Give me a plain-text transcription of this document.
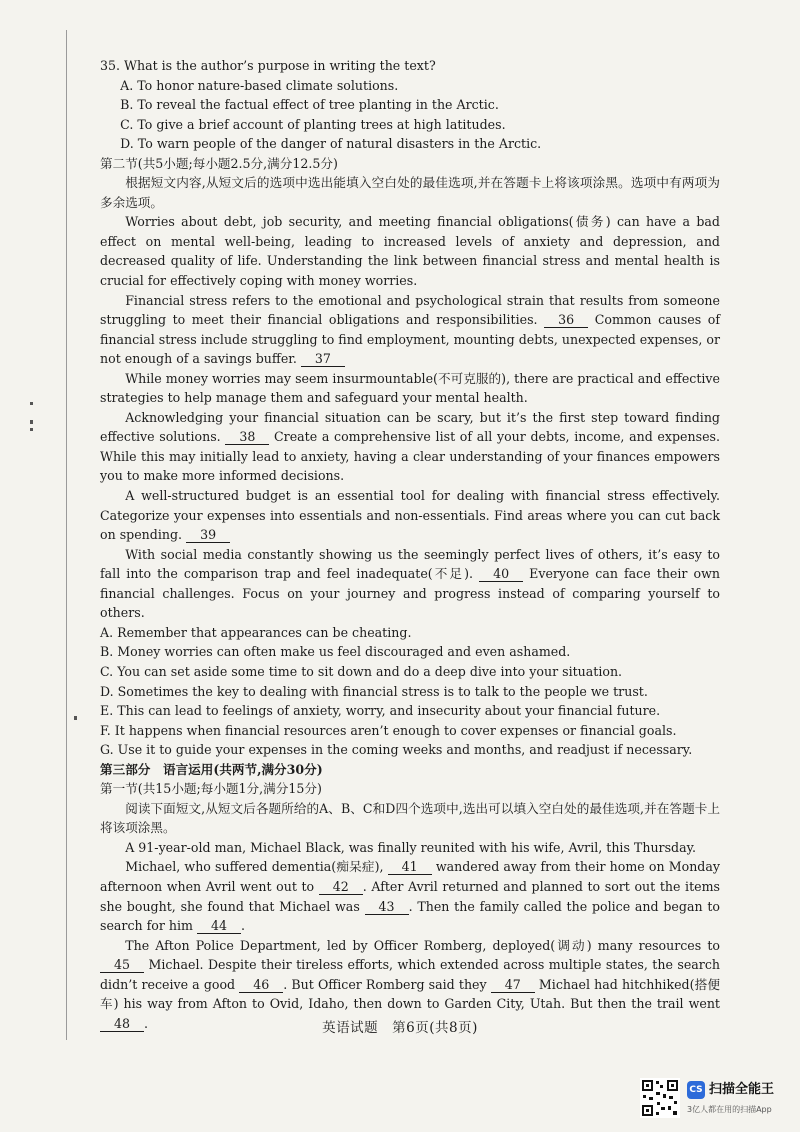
35. What is the author’s purpose in writing the text?

A. To honor nature-based climate solutions.

B. To reveal the factual effect of tree planting in the Arctic.

C. To give a brief account of planting trees at high latitudes.

D. To warn people of the danger of natural disasters in the Arctic.

第二节(共5小题;每小题2.5分,满分12.5分)

根据短文内容,从短文后的选项中选出能填入空白处的最佳选项,并在答题卡上将该项涂黑。选项中有两项为多余选项。

Worries about debt, job security, and meeting financial obligations(债务) can have a bad effect on mental well-being, leading to increased levels of anxiety and depression, and decreased quality of life. Understanding the link between financial stress and mental health is crucial for effectively coping with money worries.

Financial stress refers to the emotional and psychological strain that results from someone struggling to meet their financial obligations and responsibilities. 36 Common causes of financial stress include struggling to find employment, mounting debts, unexpected expenses, or not enough of a savings buffer. 37

While money worries may seem insurmountable(不可克服的), there are practical and effective strategies to help manage them and safeguard your mental health.

Acknowledging your financial situation can be scary, but it’s the first step toward finding effective solutions. 38 Create a comprehensive list of all your debts, income, and expenses. While this may initially lead to anxiety, having a clear understanding of your finances empowers you to make more informed decisions.

A well-structured budget is an essential tool for dealing with financial stress effectively. Categorize your expenses into essentials and non-essentials. Find areas where you can cut back on spending. 39

With social media constantly showing us the seemingly perfect lives of others, it’s easy to fall into the comparison trap and feel inadequate(不足). 40 Everyone can face their own financial challenges. Focus on your journey and progress instead of comparing yourself to others.

A. Remember that appearances can be cheating.

B. Money worries can often make us feel discouraged and even ashamed.

C. You can set aside some time to sit down and do a deep dive into your situation.

D. Sometimes the key to dealing with financial stress is to talk to the people we trust.

E. This can lead to feelings of anxiety, worry, and insecurity about your financial future.

F. It happens when financial resources aren’t enough to cover expenses or financial goals.

G. Use it to guide your expenses in the coming weeks and months, and readjust if necessary.

第三部分　语言运用(共两节,满分30分)

第一节(共15小题;每小题1分,满分15分)

阅读下面短文,从短文后各题所给的A、B、C和D四个选项中,选出可以填入空白处的最佳选项,并在答题卡上将该项涂黑。

A 91-year-old man, Michael Black, was finally reunited with his wife, Avril, this Thursday.

Michael, who suffered dementia(痴呆症), 41 wandered away from their home on Monday afternoon when Avril went out to 42 . After Avril returned and planned to sort out the items she bought, she found that Michael was 43 . Then the family called the police and began to search for him 44 .

The Afton Police Department, led by Officer Romberg, deployed(调动) many resources to 45 Michael. Despite their tireless efforts, which extended across multiple states, the search didn’t receive a good 46 . But Officer Romberg said they 47 Michael had hitchhiked(搭便车) his way from Afton to Ovid, Idaho, then down to Garden City, Utah. But then the trail went 48 .	英语试题　第6页(共8页)
CS 扫描全能王
3亿人都在用的扫描App
